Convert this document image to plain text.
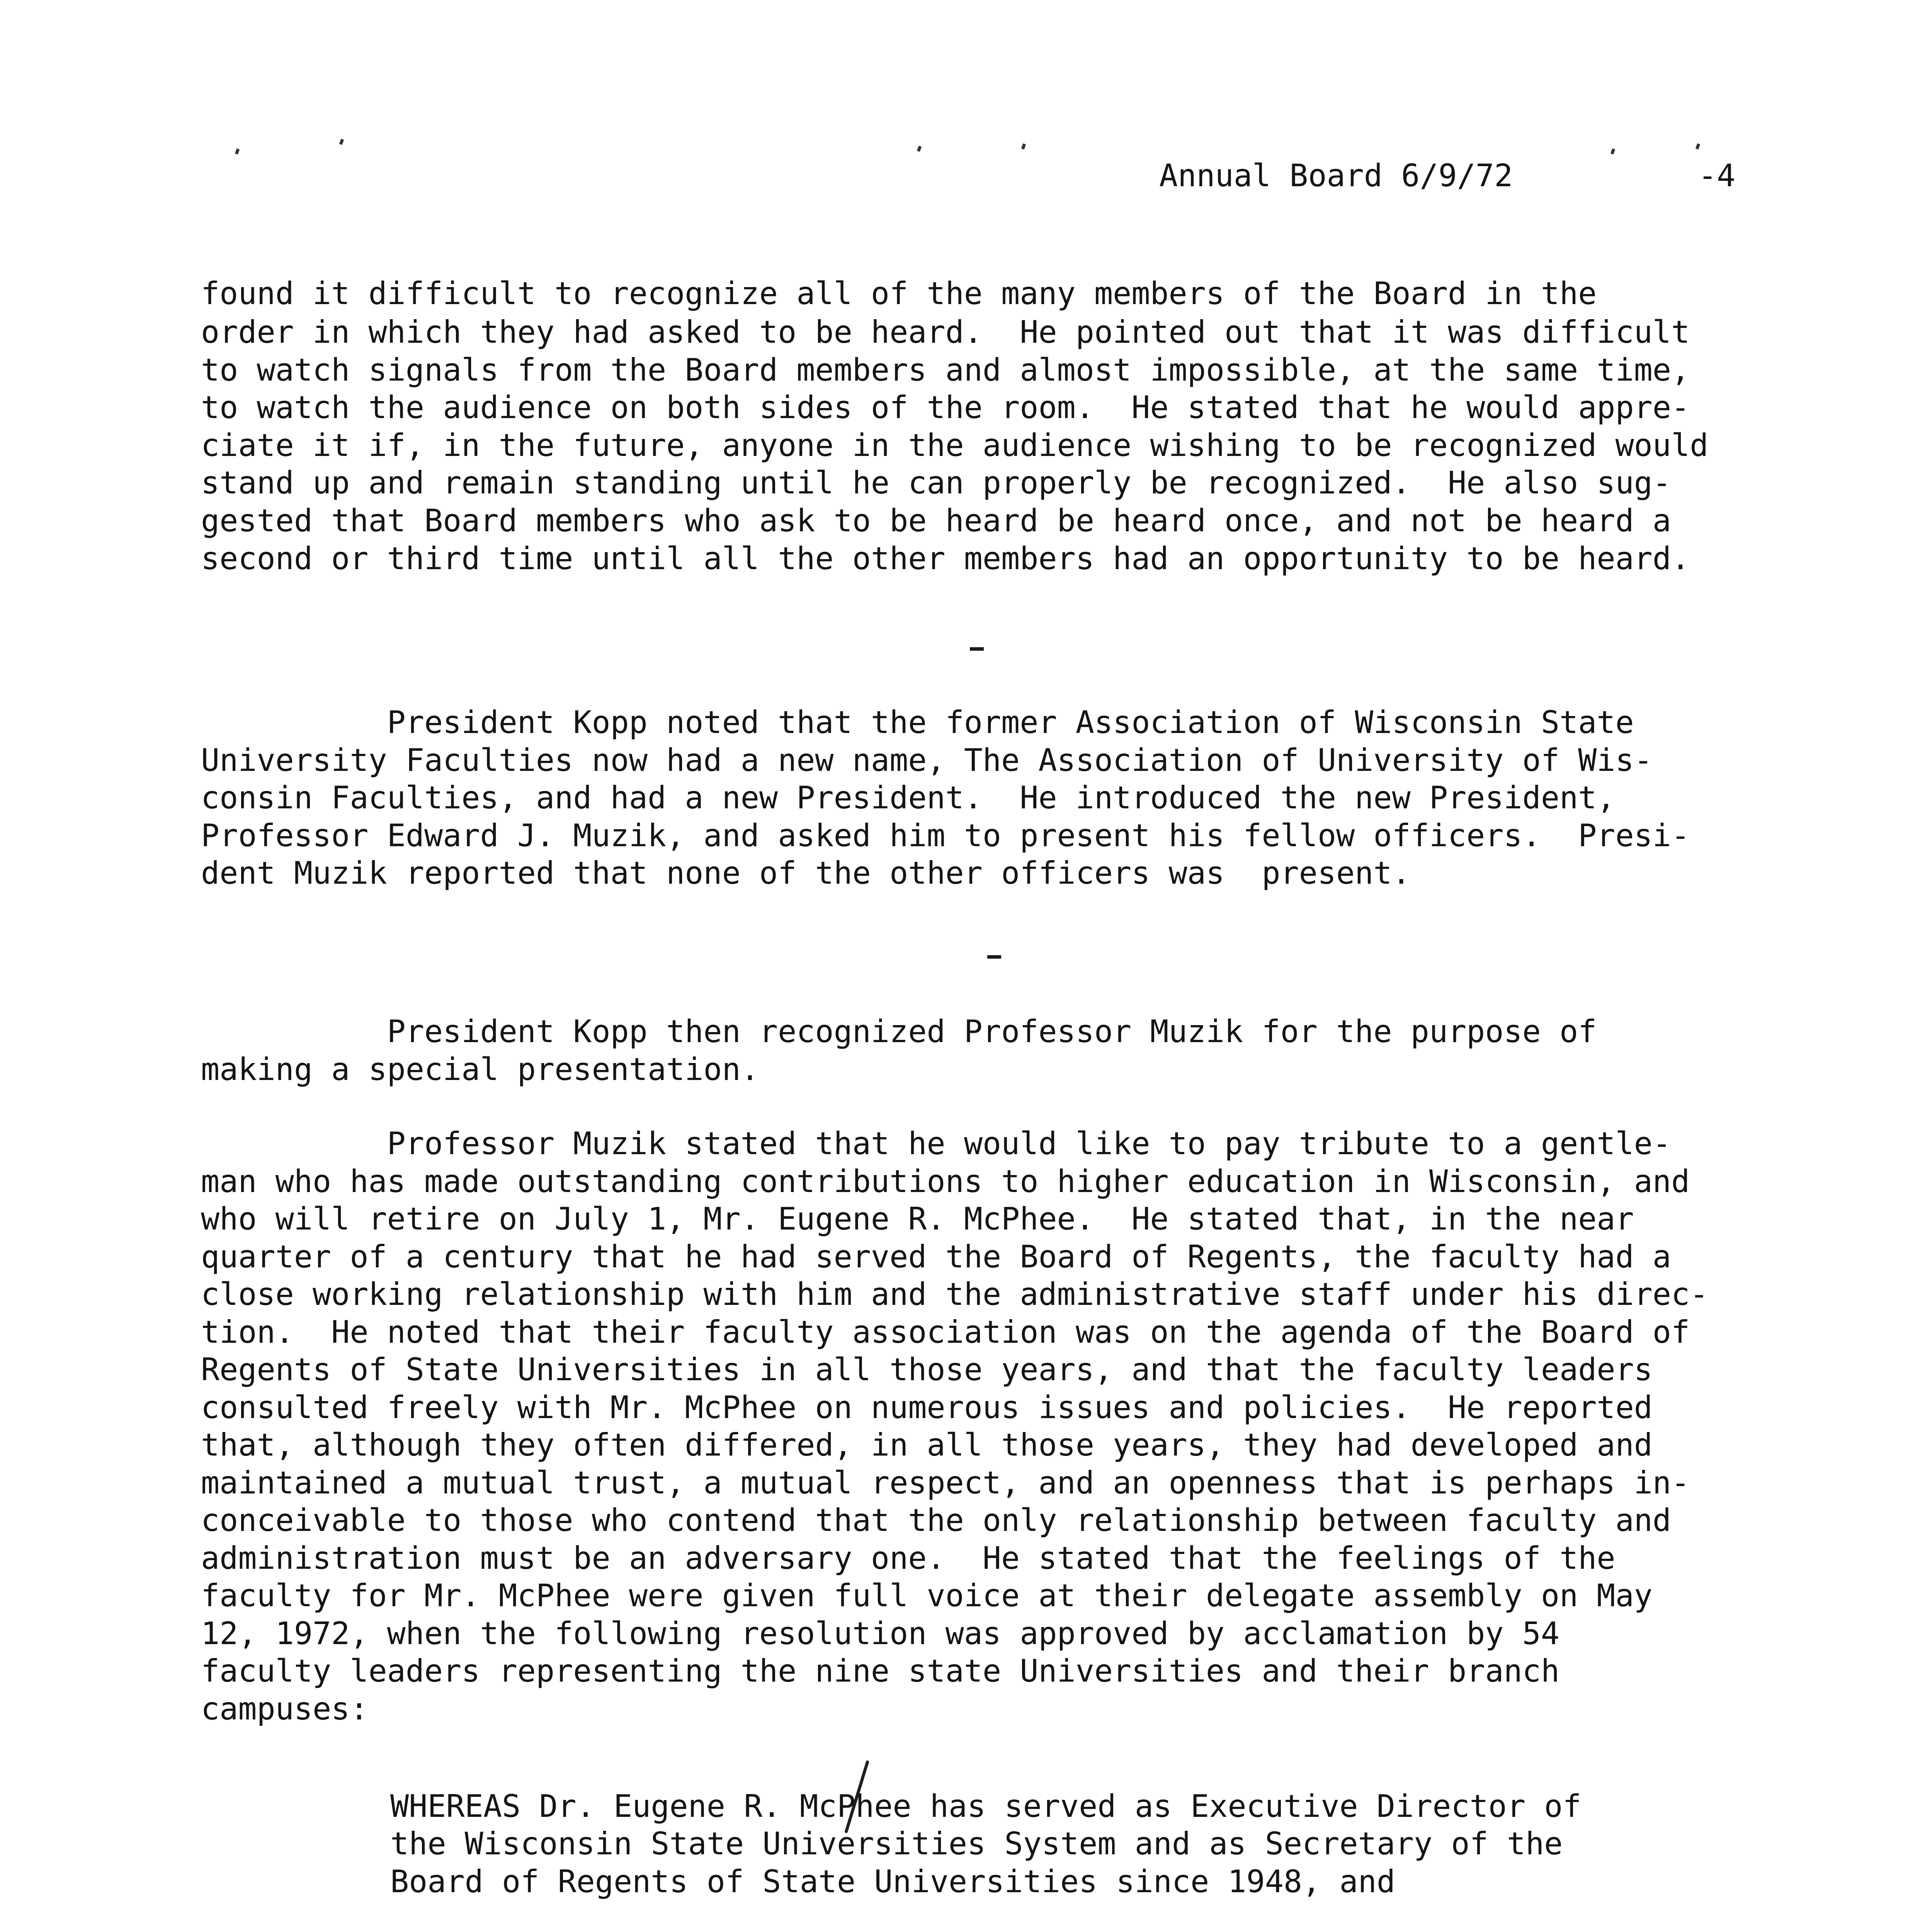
Annual Board 6/9/72	-4
found it difficult to recognize all of the many members of the Board in the
order in which they had asked to be heard.  He pointed out that it was difficult
to watch signals from the Board members and almost impossible, at the same time,
to watch the audience on both sides of the room.  He stated that he would appre-
ciate it if, in the future, anyone in the audience wishing to be recognized would
stand up and remain standing until he can properly be recognized.  He also sug-
gested that Board members who ask to be heard be heard once, and not be heard a
second or third time until all the other members had an opportunity to be heard.
President Kopp noted that the former Association of Wisconsin State
University Faculties now had a new name, The Association of University of Wis-
consin Faculties, and had a new President.  He introduced the new President,
Professor Edward J. Muzik, and asked him to present his fellow officers.  Presi-
dent Muzik reported that none of the other officers was  present.
President Kopp then recognized Professor Muzik for the purpose of
making a special presentation.
Professor Muzik stated that he would like to pay tribute to a gentle-
man who has made outstanding contributions to higher education in Wisconsin, and
who will retire on July 1, Mr. Eugene R. McPhee.  He stated that, in the near
quarter of a century that he had served the Board of Regents, the faculty had a
close working relationship with him and the administrative staff under his direc-
tion.  He noted that their faculty association was on the agenda of the Board of
Regents of State Universities in all those years, and that the faculty leaders
consulted freely with Mr. McPhee on numerous issues and policies.  He reported
that, although they often differed, in all those years, they had developed and
maintained a mutual trust, a mutual respect, and an openness that is perhaps in-
conceivable to those who contend that the only relationship between faculty and
administration must be an adversary one.  He stated that the feelings of the
faculty for Mr. McPhee were given full voice at their delegate assembly on May
12, 1972, when the following resolution was approved by acclamation by 54
faculty leaders representing the nine state Universities and their branch
campuses:
WHEREAS Dr. Eugene R. McPhee has served as Executive Director of
the Wisconsin State Universities System and as Secretary of the
Board of Regents of State Universities since 1948, and
